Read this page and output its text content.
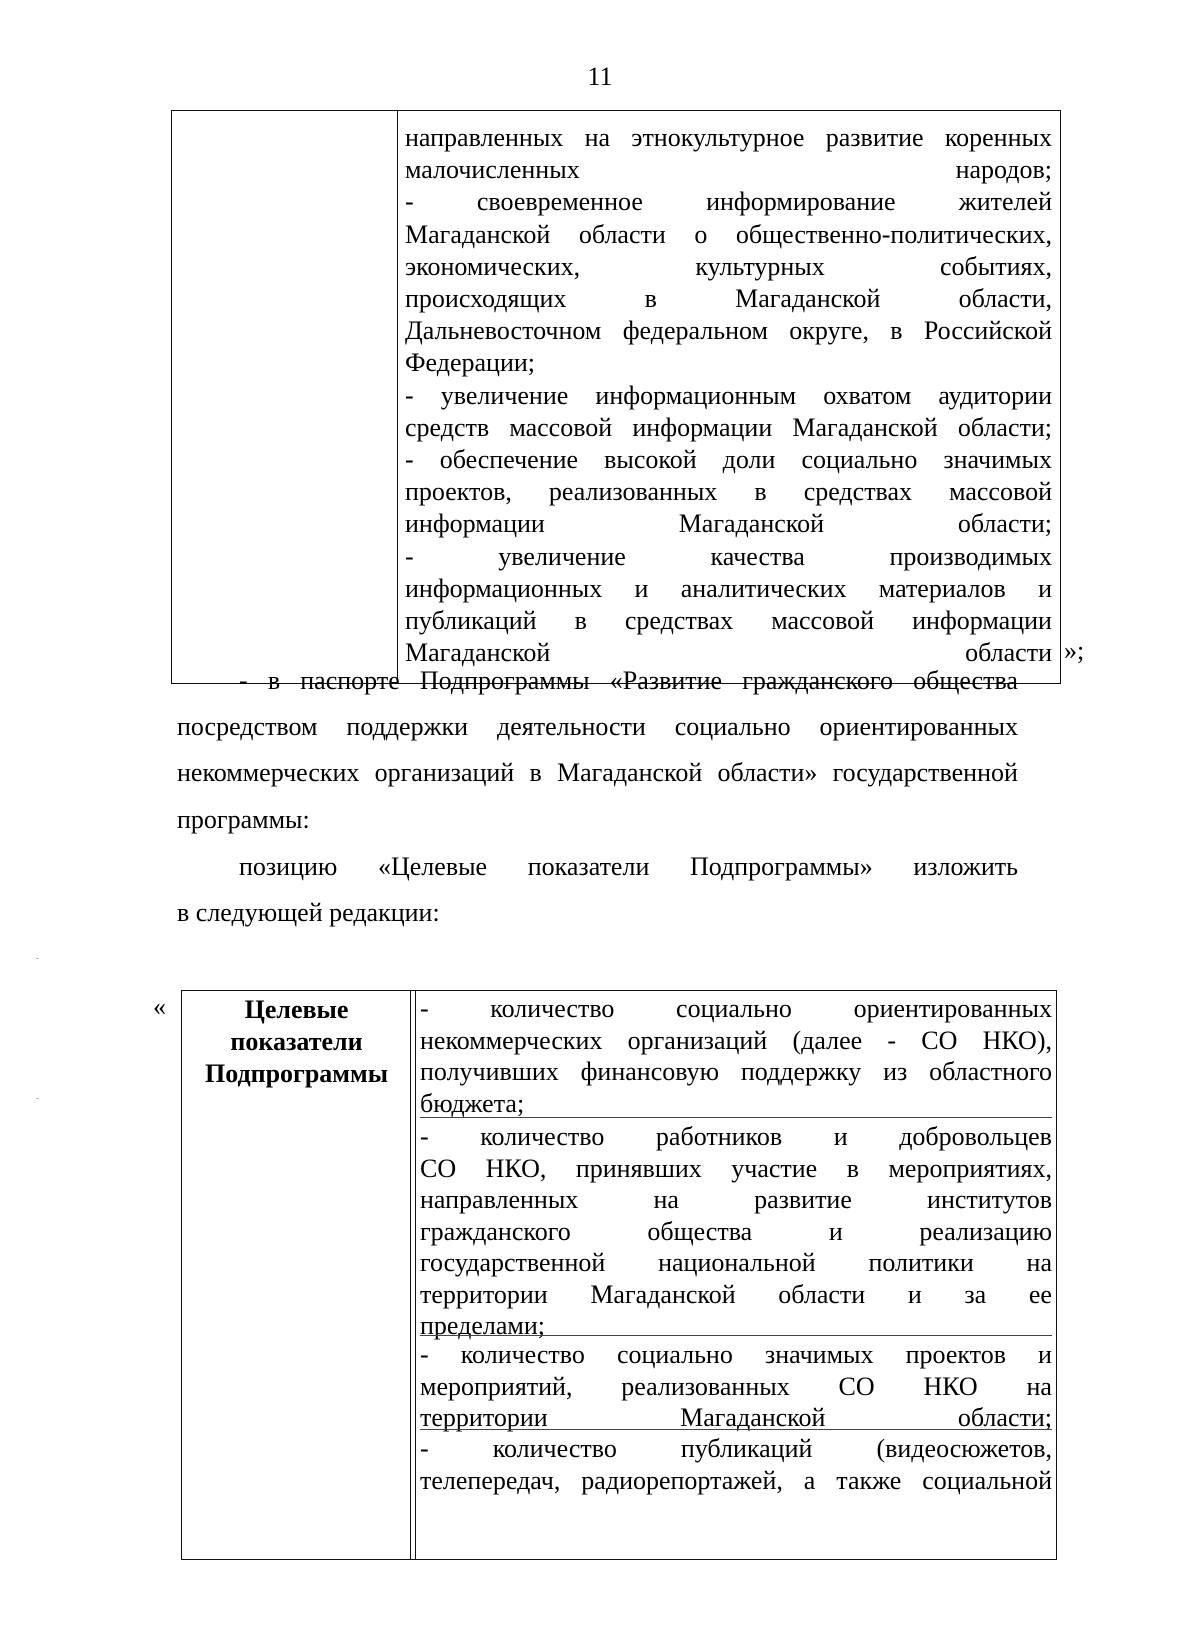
11
направленных на этнокультурное развитие коренных
малочисленных народов;
- своевременное информирование жителей
Магаданской области о общественно-политических,
экономических,	культурных	событиях,
происходящих	в	Магаданской	области,
Дальневосточном федеральном округе, в Российской
Федерации;
- увеличение информационным охватом аудитории
средств массовой информации Магаданской области;
- обеспечение высокой доли социально значимых
проектов, реализованных в средствах массовой
информации Магаданской области;
-	увеличение	качества	производимых
информационных и аналитических материалов и
публикаций в средствах массовой информации
Магаданской области »;
- в паспорте Подпрограммы «Развитие гражданского общества
посредством поддержки деятельности социально ориентированных
некоммерческих организаций в Магаданской области» государственной
программы:
позицию «Целевые показатели Подпрограммы» изложить
в следующей редакции:
«	Целевые
показатели
Подпрограммы
- количество социально ориентированных
некоммерческих организаций (далее - СО НКО),
получивших финансовую поддержку из областного
бюджета;
- количество работников и добровольцев
СО НКО, принявших участие в мероприятиях,
направленных	на	развитие	институтов
гражданского	общества	и	реализацию
государственной национальной политики на
территории Магаданской области и за ее
пределами;
- количество социально значимых проектов и
мероприятий, реализованных СО НКО на
территории Магаданской области;
- количество публикаций (видеосюжетов,
телепередач, радиорепортажей, а также социальной
